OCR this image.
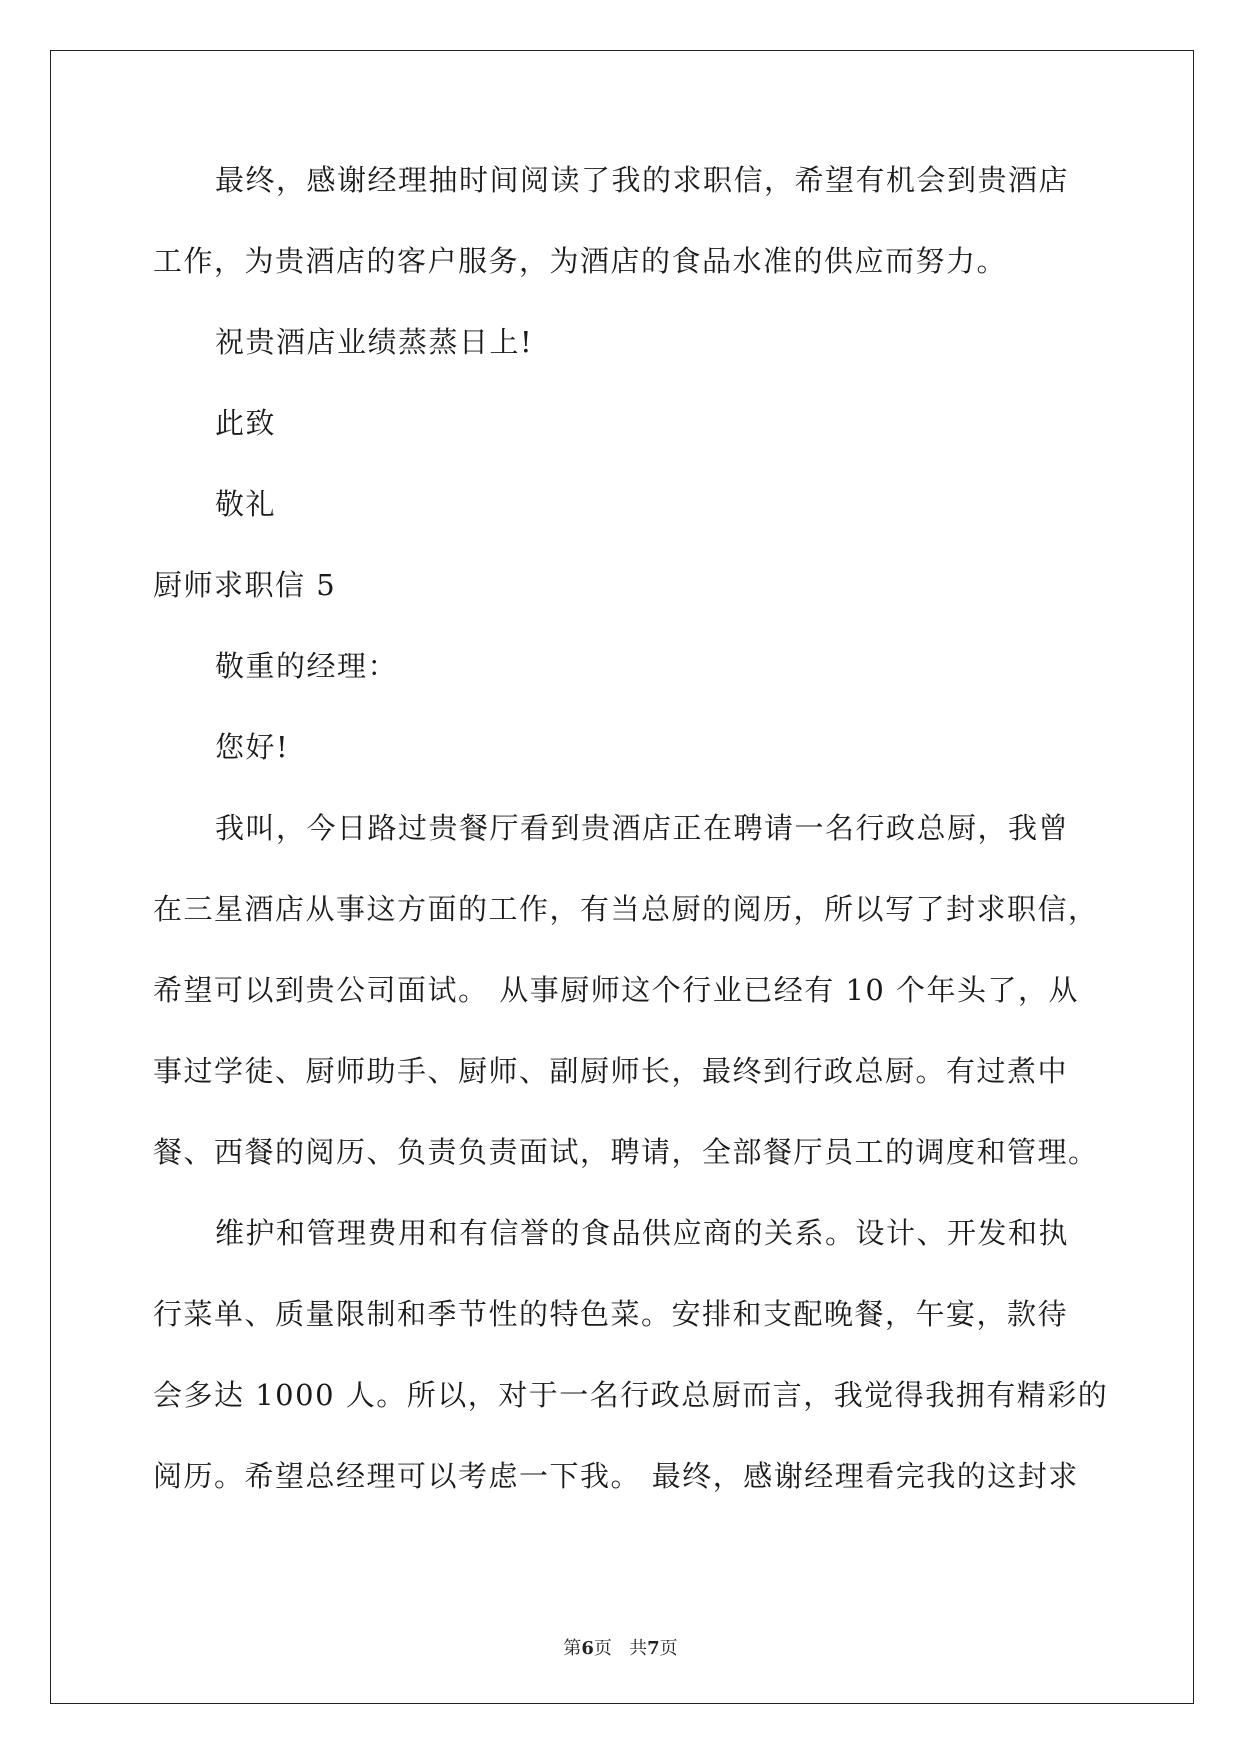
最终，感谢经理抽时间阅读了我的求职信，希望有机会到贵酒店
工作，为贵酒店的客户服务，为酒店的食品水准的供应而努力。
祝贵酒店业绩蒸蒸日上!
此致
敬礼
厨师求职信 5
敬重的经理：
您好!
我叫，今日路过贵餐厅看到贵酒店正在聘请一名行政总厨，我曾
在三星酒店从事这方面的工作，有当总厨的阅历，所以写了封求职信，
希望可以到贵公司面试。 从事厨师这个行业已经有 10 个年头了，从
事过学徒、厨师助手、厨师、副厨师长，最终到行政总厨。有过煮中
餐、西餐的阅历、负责负责面试，聘请，全部餐厅员工的调度和管理。
维护和管理费用和有信誉的食品供应商的关系。设计、开发和执
行菜单、质量限制和季节性的特色菜。安排和支配晚餐，午宴，款待
会多达 1000 人。所以，对于一名行政总厨而言，我觉得我拥有精彩的
阅历。希望总经理可以考虑一下我。 最终，感谢经理看完我的这封求
第6页 共7页
